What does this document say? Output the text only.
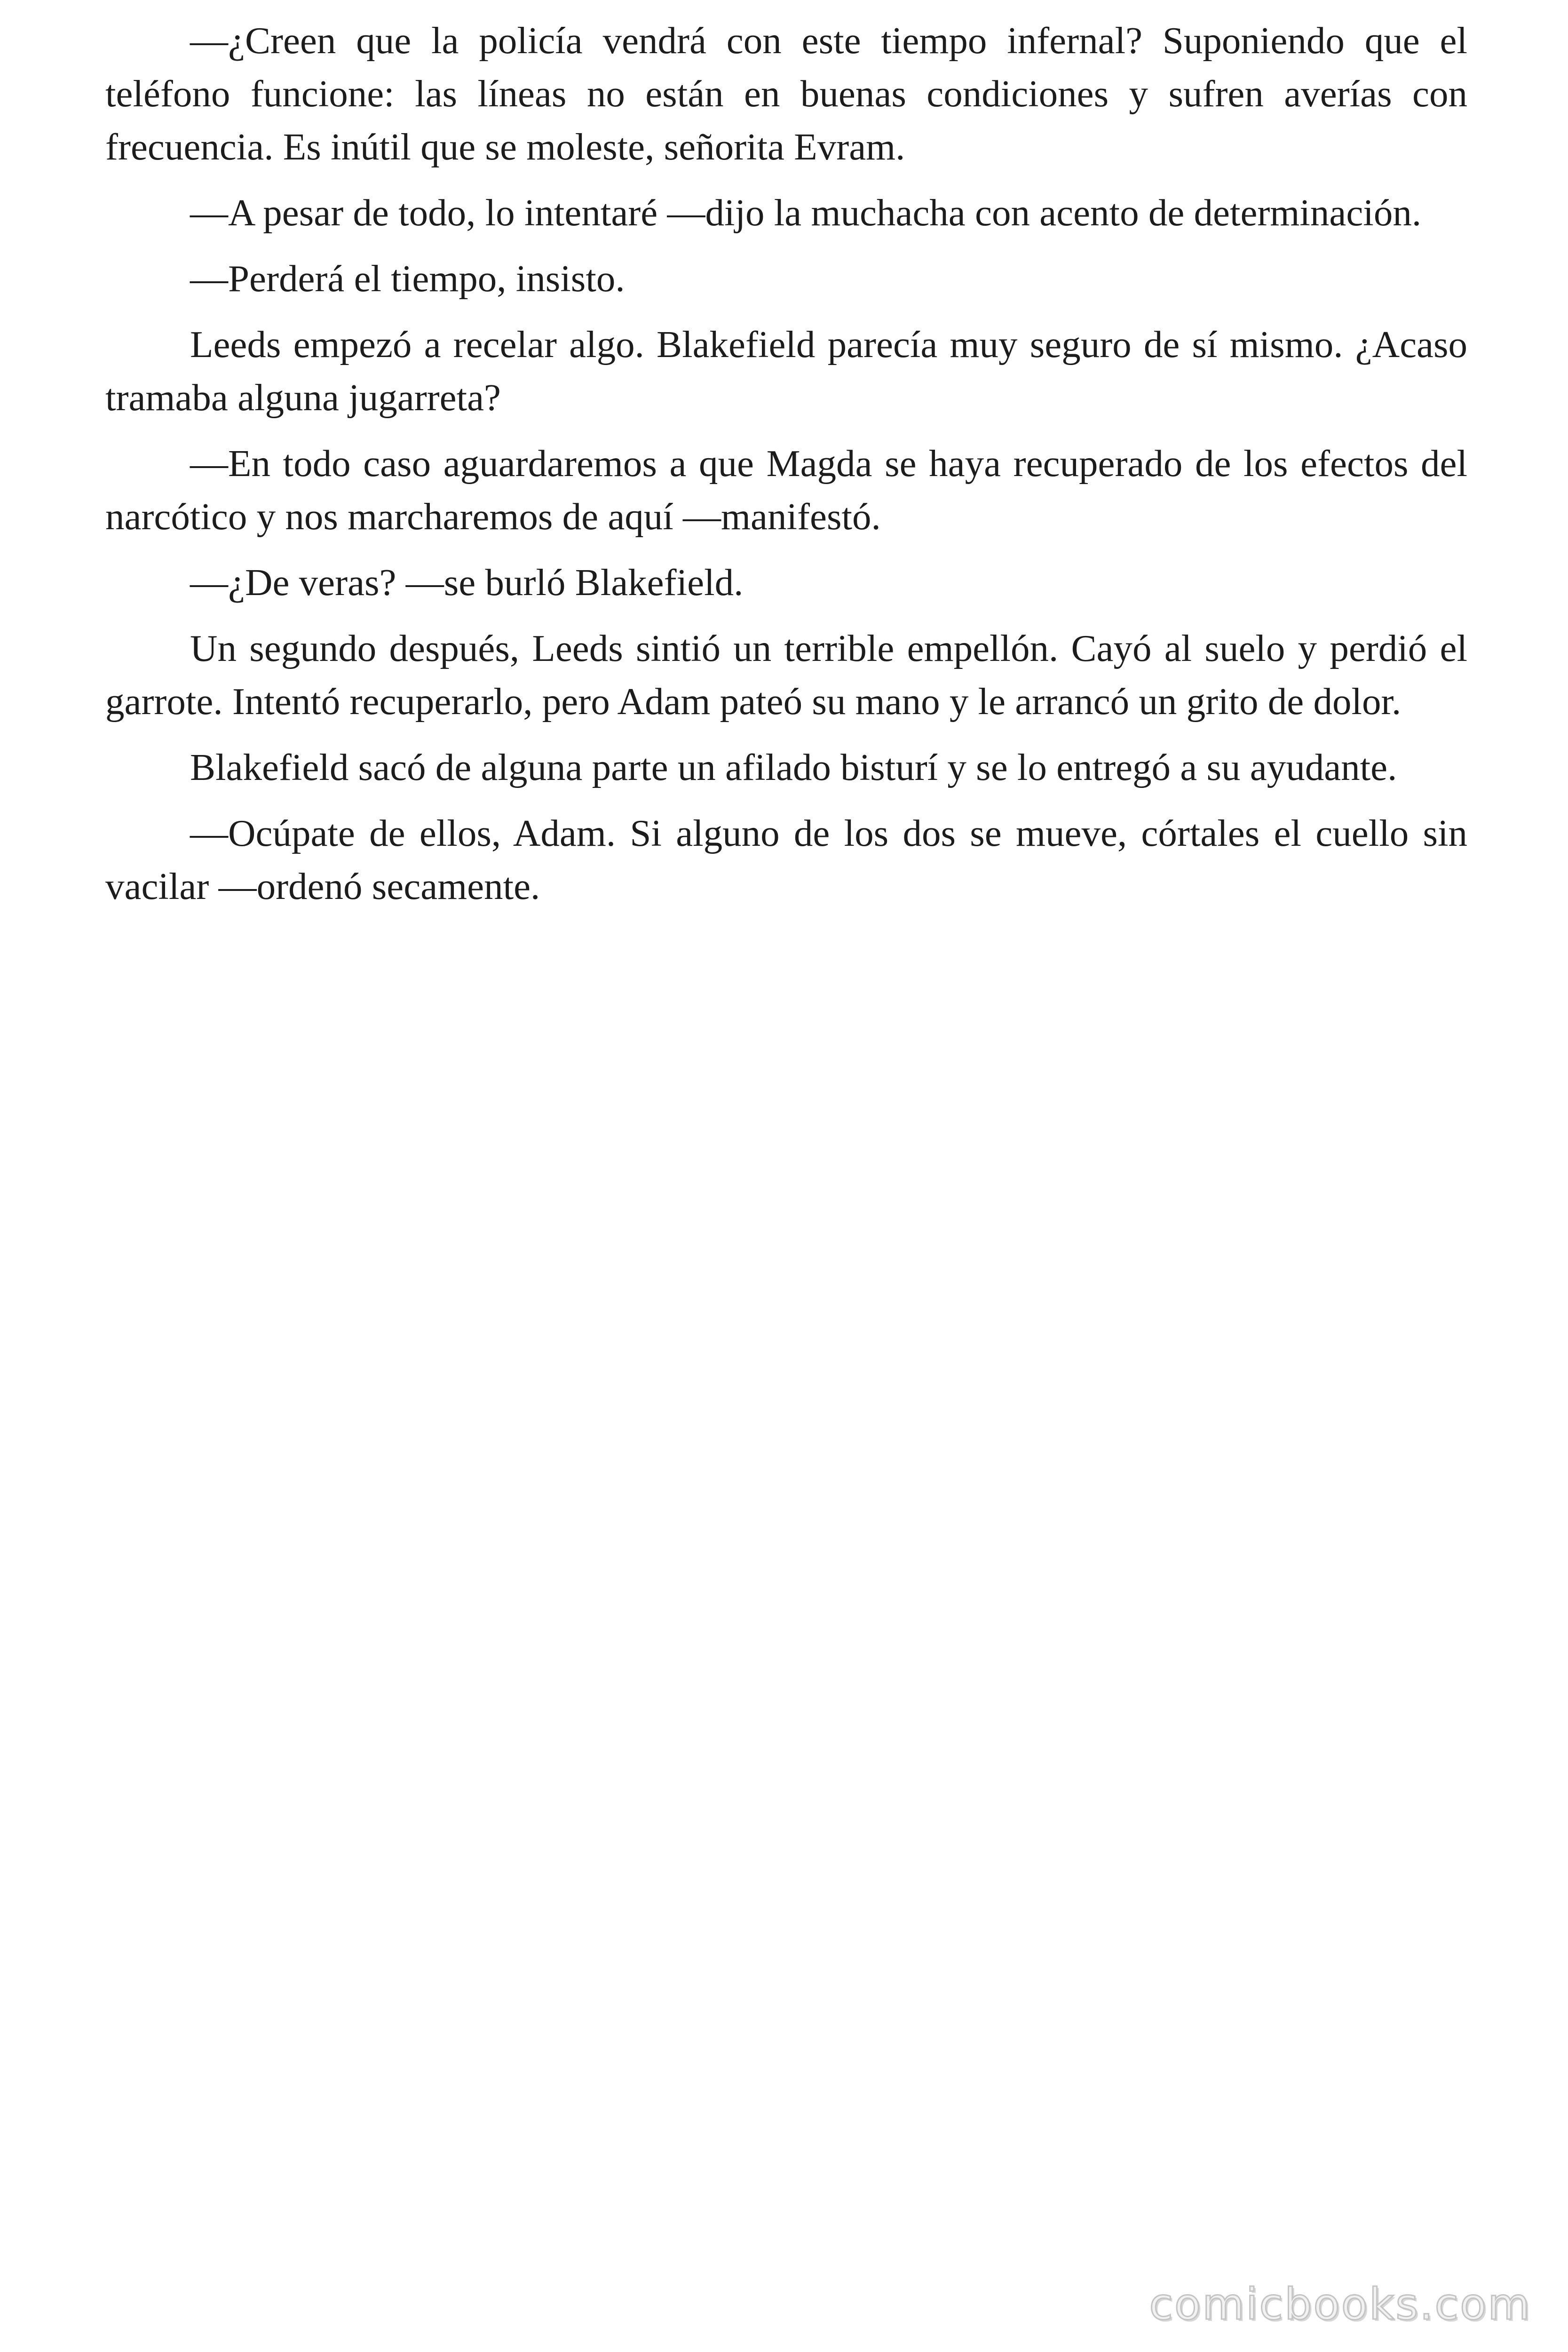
—¿Creen que la policía vendrá con este tiempo infernal? Suponiendo que el teléfono funcione: las líneas no están en buenas condiciones y sufren averías con frecuencia. Es inútil que se moleste, señorita Evram.

—A pesar de todo, lo intentaré —dijo la muchacha con acento de determinación.

—Perderá el tiempo, insisto.

Leeds empezó a recelar algo. Blakefield parecía muy seguro de sí mismo. ¿Acaso tramaba alguna jugarreta?

—En todo caso aguardaremos a que Magda se haya recuperado de los efectos del narcótico y nos marcharemos de aquí —manifestó.

—¿De veras? —se burló Blakefield.

Un segundo después, Leeds sintió un terrible empellón. Cayó al suelo y perdió el garrote. Intentó recuperarlo, pero Adam pateó su mano y le arrancó un grito de dolor.

Blakefield sacó de alguna parte un afilado bisturí y se lo entregó a su ayudante.

—Ocúpate de ellos, Adam. Si alguno de los dos se mueve, córtales el cuello sin vacilar —ordenó secamente.

comicbooks.com
